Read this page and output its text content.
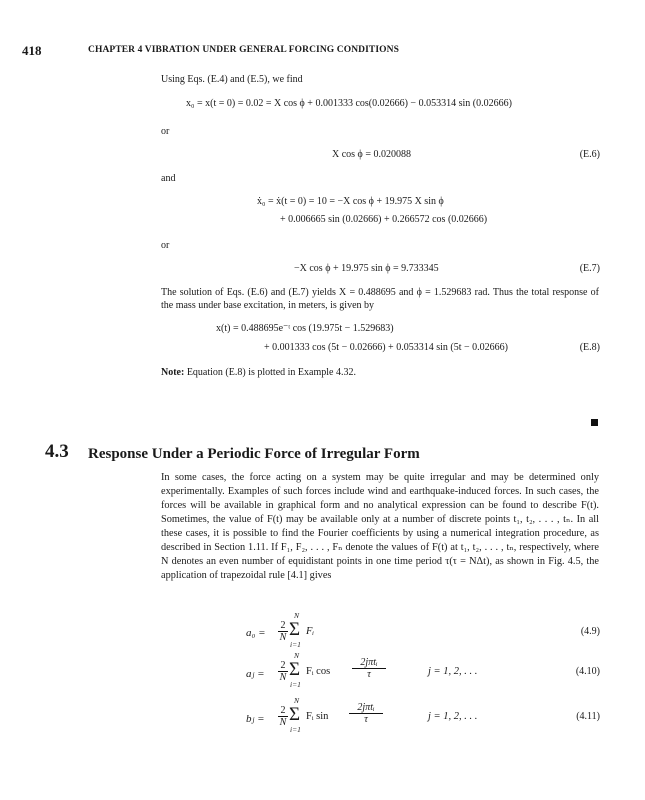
418	CHAPTER 4 VIBRATION UNDER GENERAL FORCING CONDITIONS
Using Eqs. (E.4) and (E.5), we find
x₀ = x(t = 0) = 0.02 = X cos ϕ + 0.001333 cos(0.02666) − 0.053314 sin (0.02666)
or
X cos ϕ = 0.020088	(E.6)
and
ẋ₀ = ẋ(t = 0) = 10 = −X cos ϕ + 19.975 X sin ϕ
+ 0.006665 sin (0.02666) + 0.266572 cos (0.02666)
or
−X cos ϕ + 19.975 sin ϕ = 9.733345	(E.7)
The solution of Eqs. (E.6) and (E.7) yields X = 0.488695 and ϕ = 1.529683 rad. Thus the total response of the mass under base excitation, in meters, is given by
x(t) = 0.488695e⁻ᵗ cos (19.975t − 1.529683)
+ 0.001333 cos (5t − 0.02666) + 0.053314 sin (5t − 0.02666)	(E.8)
Note: Equation (E.8) is plotted in Example 4.32.
4.3 Response Under a Periodic Force of Irregular Form
In some cases, the force acting on a system may be quite irregular and may be determined only experimentally. Examples of such forces include wind and earthquake-induced forces. In such cases, the forces will be available in graphical form and no analytical expression can be found to describe F(t). Sometimes, the value of F(t) may be available only at a number of discrete points t₁, t₂, . . . , tₙ. In all these cases, it is possible to find the Fourier coefficients by using a numerical integration procedure, as described in Section 1.11. If F₁, F₂, . . . , Fₙ denote the values of F(t) at t₁, t₂, . . . , tₙ, respectively, where N denotes an even number of equidistant points in one time period τ(τ = NΔt), as shown in Fig. 4.5, the application of trapezoidal rule [4.1] gives
$a_0 = \frac{2}{N}$
N
Σ
i=1
Fᵢ	(4.9)
aⱼ = $\frac{2}{N}$
N
Σ
i=1
Fᵢ cos
2jπtᵢ
τ	j = 1, 2, . . .	(4.10)
bⱼ = $\frac{2}{N}$
N
Σ
i=1
Fᵢ sin
2jπtᵢ
τ	j = 1, 2, . . .	(4.11)
